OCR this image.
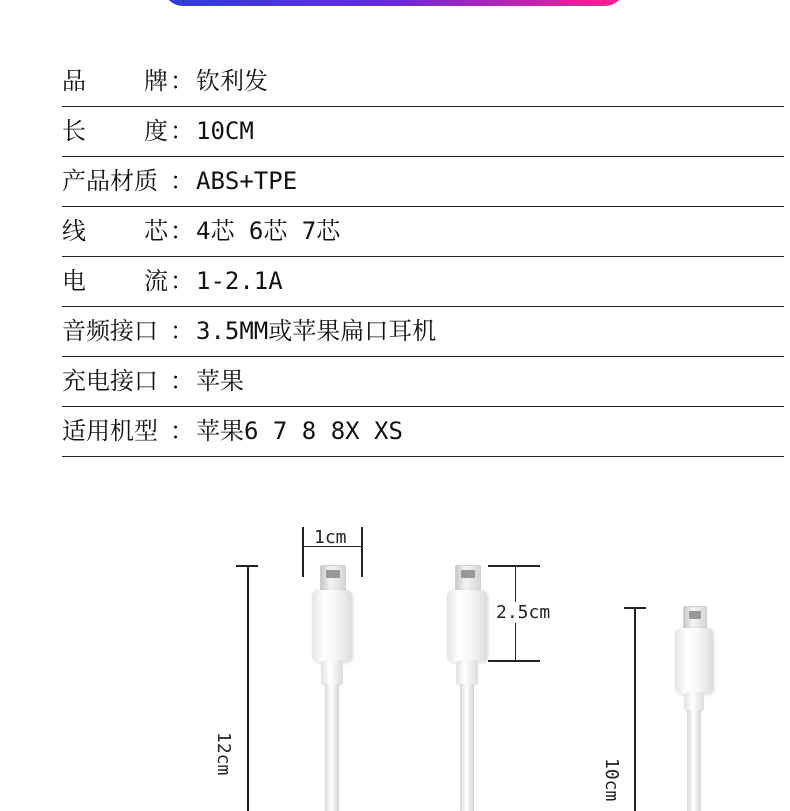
品 牌 ： 钦利发
长 度 ： 10CM
产品材质 ： ABS+TPE
线 芯 ： 4芯 6芯 7芯
电 流 ： 1-2.1A
音频接口 ： 3.5MM或苹果扁口耳机
充电接口 ： 苹果
适用机型 ： 苹果6 7 8 8X XS
12cm
1cm
2.5cm
10cm
